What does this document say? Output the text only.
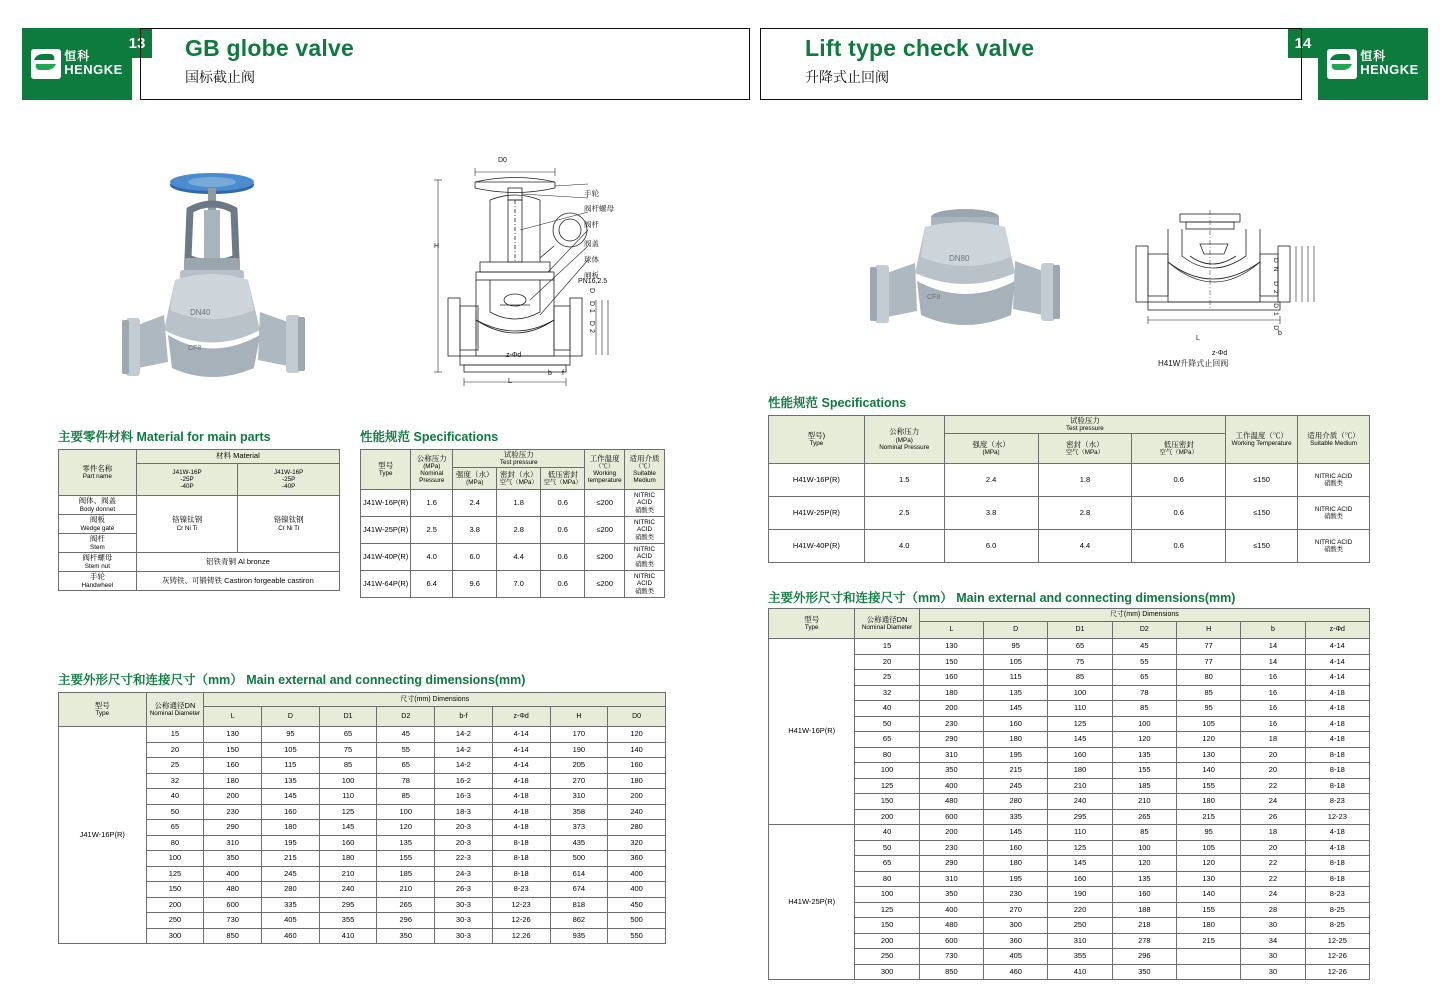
恒科
HENGKE
13 GB globe valve
国标截止阀
恒科
HENGKE
14
Lift type check valve
升降式止回阀
DN40
CF8
D0
H
L
b f
z-Φd
D D1 D2
PN16,2.5
手轮
阀杆螺母
阀杆
阀盖
球体
闸板
DN80
CF8	DN D2 D1 D
L
z-Φd
b
H41W升降式止回阀
主要零件材料 Material for main parts
零件名称
Part name	材料 Material	

	J41W-16P
-25P
-40P	J41W-16P
-25P
-40P

阀体、阀盖
Body donnet	铬镍钛钢
Cr Ni Ti	铬镍钛钢
Cr Ni Ti

阀板
Wedge gate		

阀杆
Stem		

阀杆螺母
Stem nut	铝铁青铜 Al bronze	

手轮
Handwheel	灰铸铁、可锻铸铁 Castiron forgeable castiron	
性能规范 Specifications
型号
Type	公称压力
(MPa)
Nominal Pressure	试验压力
Test pressure			工作温度
（℃）
Working temperature	适用介质
（℃）
Suitable Medium

		强度（水）
(MPa)	密封（水）
空气（MPa）	低压密封
空气（MPa）		

J41W-16P(R)	1.6	2.4	1.8	0.6	≤200	NITRIC ACID
硝酸类

J41W-25P(R)	2.5	3.8	2.8	0.6	≤200	NITRIC ACID
硝酸类

J41W-40P(R)	4.0	6.0	4.4	0.6	≤200	NITRIC ACID
硝酸类

J41W-64P(R)	6.4	9.6	7.0	0.6	≤200	NITRIC ACID
硝酸类
主要外形尺寸和连接尺寸（mm） Main external and connecting dimensions(mm)
型号
Type	公称通径DN
Nominal Diameter	尺寸(mm) Dimensions							
		L	D	D1	D2	b-f	z-Φd	H	D0
J41W-16P(R)	15	130	95	65	45	14-2	4-14	170	120
	20	150	105	75	55	14-2	4-14	190	140
	25	160	115	85	65	14-2	4-14	205	160
	32	180	135	100	78	16-2	4-18	270	180
	40	200	145	110	85	16-3	4-18	310	200
	50	230	160	125	100	18-3	4-18	358	240
	65	290	180	145	120	20-3	4-18	373	280
	80	310	195	160	135	20-3	8-18	435	320
	100	350	215	180	155	22-3	8-18	500	360
	125	400	245	210	185	24-3	8-18	614	400
	150	480	280	240	210	26-3	8-23	674	400
	200	600	335	295	265	30-3	12-23	818	450
	250	730	405	355	296	30-3	12-26	862	500
	300	850	460	410	350	30-3	12.26	935	550
性能规范 Specifications
型号)
Type	公称压力
(MPa)
Nominal Pressure	试验压力
Test pressure			工作温度（℃）
Working Temperature	适用介质（℃）
Suitable Medium

		强度（水）
(MPa)	密封（水）
空气（MPa）	低压密封
空气（MPa）		

H41W-16P(R)	1.5	2.4	1.8	0.6	≤150	NITRIC ACID
硝酸类

H41W-25P(R)	2.5	3.8	2.8	0.6	≤150	NITRIC ACID
硝酸类

H41W-40P(R)	4.0	6.0	4.4	0.6	≤150	NITRIC ACID
硝酸类
主要外形尺寸和连接尺寸（mm） Main external and connecting dimensions(mm)
型号
Type	公称通径DN
Nominal Diameter	尺寸(mm) Dimensions						
		L	D	D1	D2	H	b	z-Φd
H41W-16P(R)	15	130	95	65	45	77	14	4-14
	20	150	105	75	55	77	14	4-14
	25	160	115	85	65	80	16	4-14
	32	180	135	100	78	85	16	4-18
	40	200	145	110	85	95	16	4-18
	50	230	160	125	100	105	16	4-18
	65	290	180	145	120	120	18	4-18
	80	310	195	160	135	130	20	8-18
	100	350	215	180	155	140	20	8-18
	125	400	245	210	185	155	22	8-18
	150	480	280	240	210	180	24	8-23
	200	600	335	295	265	215	26	12-23
H41W-25P(R)	40	200	145	110	85	95	18	4-18
	50	230	160	125	100	105	20	4-18
	65	290	180	145	120	120	22	8-18
	80	310	195	160	135	130	22	8-18
	100	350	230	190	160	140	24	8-23
	125	400	270	220	188	155	28	8-25
	150	480	300	250	218	180	30	8-25
	200	600	360	310	278	215	34	12-25
	250	730	405	355	296		30	12-26
	300	850	460	410	350		30	12-26
